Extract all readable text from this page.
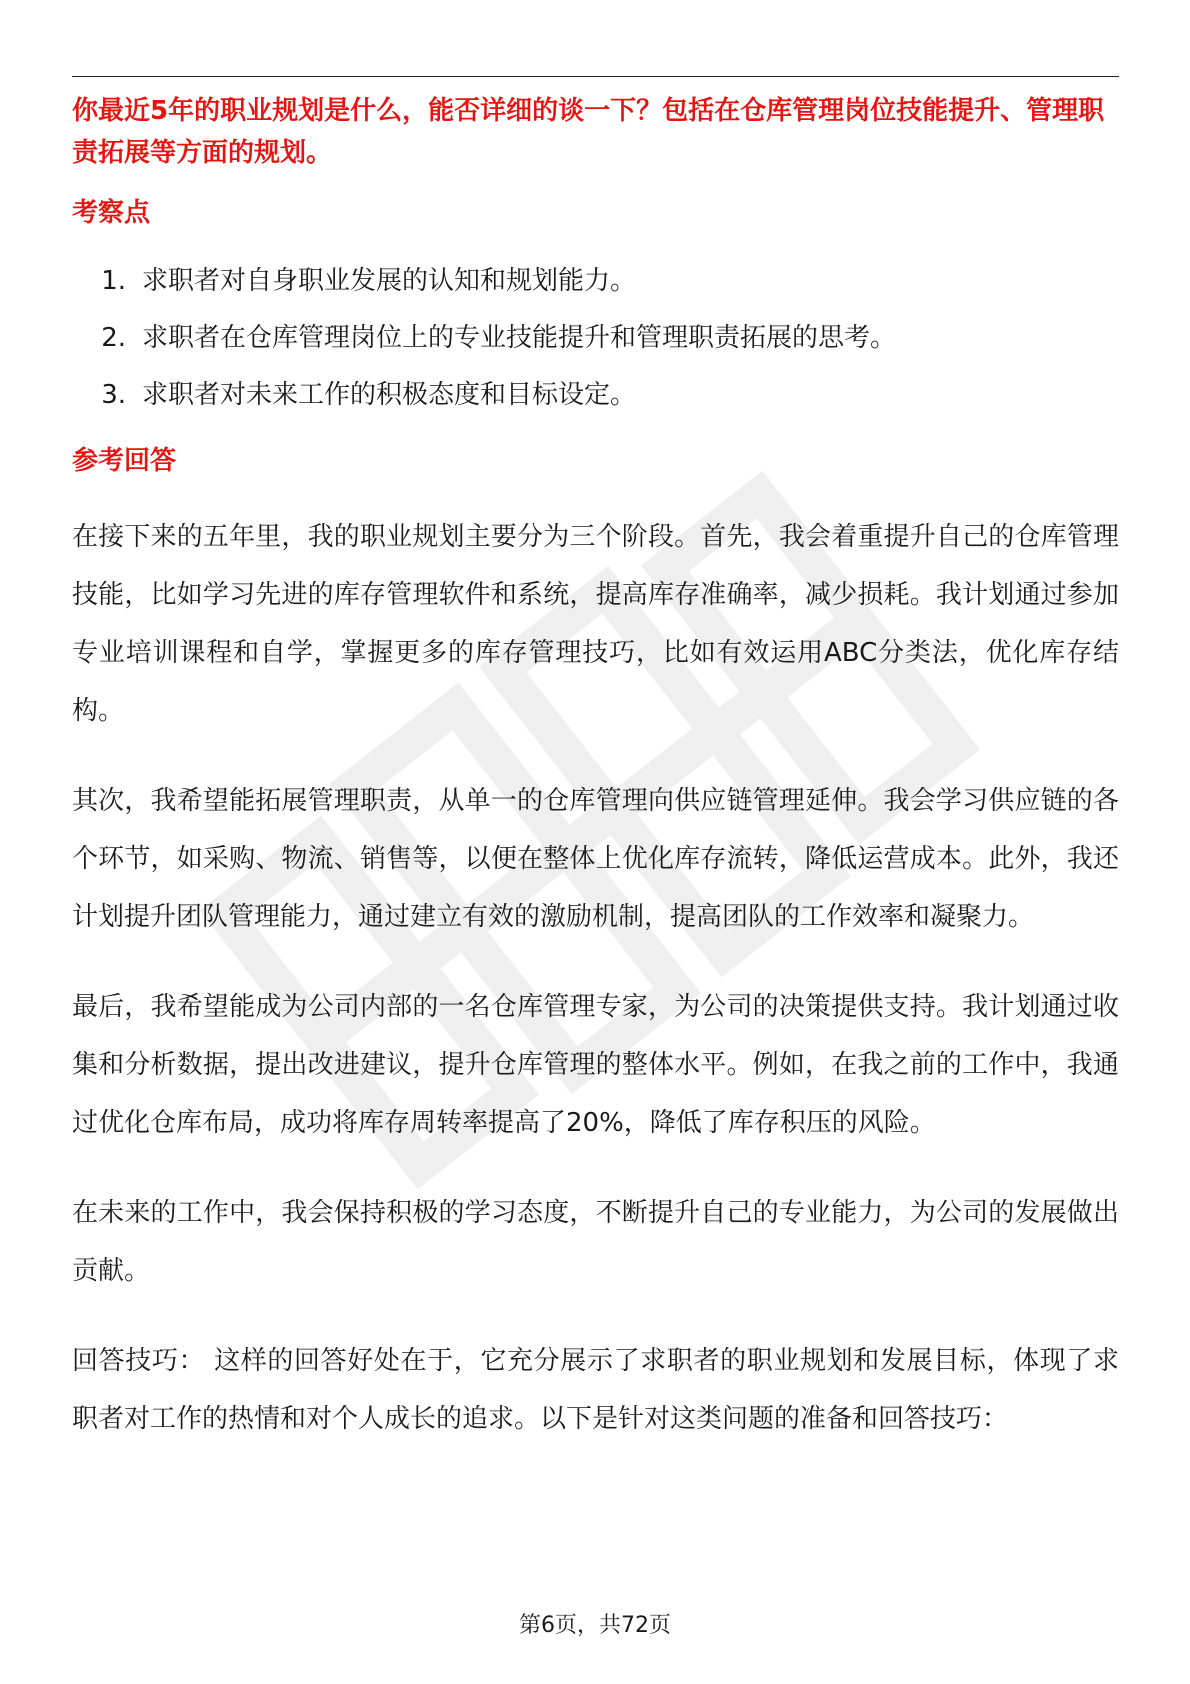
你最近5年的职业规划是什么，能否详细的谈一下？包括在仓库管理岗位技能提升、管理职责拓展等方面的规划。

考察点
1. 求职者对自身职业发展的认知和规划能力。
2. 求职者在仓库管理岗位上的专业技能提升和管理职责拓展的思考。
3. 求职者对未来工作的积极态度和目标设定。
参考回答

在接下来的五年里，我的职业规划主要分为三个阶段。首先，我会着重提升自己的仓库管理技能，比如学习先进的库存管理软件和系统，提高库存准确率，减少损耗。我计划通过参加专业培训课程和自学，掌握更多的库存管理技巧，比如有效运用ABC分类法，优化库存结构。

其次，我希望能拓展管理职责，从单一的仓库管理向供应链管理延伸。我会学习供应链的各个环节，如采购、物流、销售等，以便在整体上优化库存流转，降低运营成本。此外，我还计划提升团队管理能力，通过建立有效的激励机制，提高团队的工作效率和凝聚力。

最后，我希望能成为公司内部的一名仓库管理专家，为公司的决策提供支持。我计划通过收集和分析数据，提出改进建议，提升仓库管理的整体水平。例如，在我之前的工作中，我通过优化仓库布局，成功将库存周转率提高了20%，降低了库存积压的风险。

在未来的工作中，我会保持积极的学习态度，不断提升自己的专业能力，为公司的发展做出贡献。

回答技巧： 这样的回答好处在于，它充分展示了求职者的职业规划和发展目标，体现了求职者对工作的热情和对个人成长的追求。以下是针对这类问题的准备和回答技巧：

第6页，共72页
